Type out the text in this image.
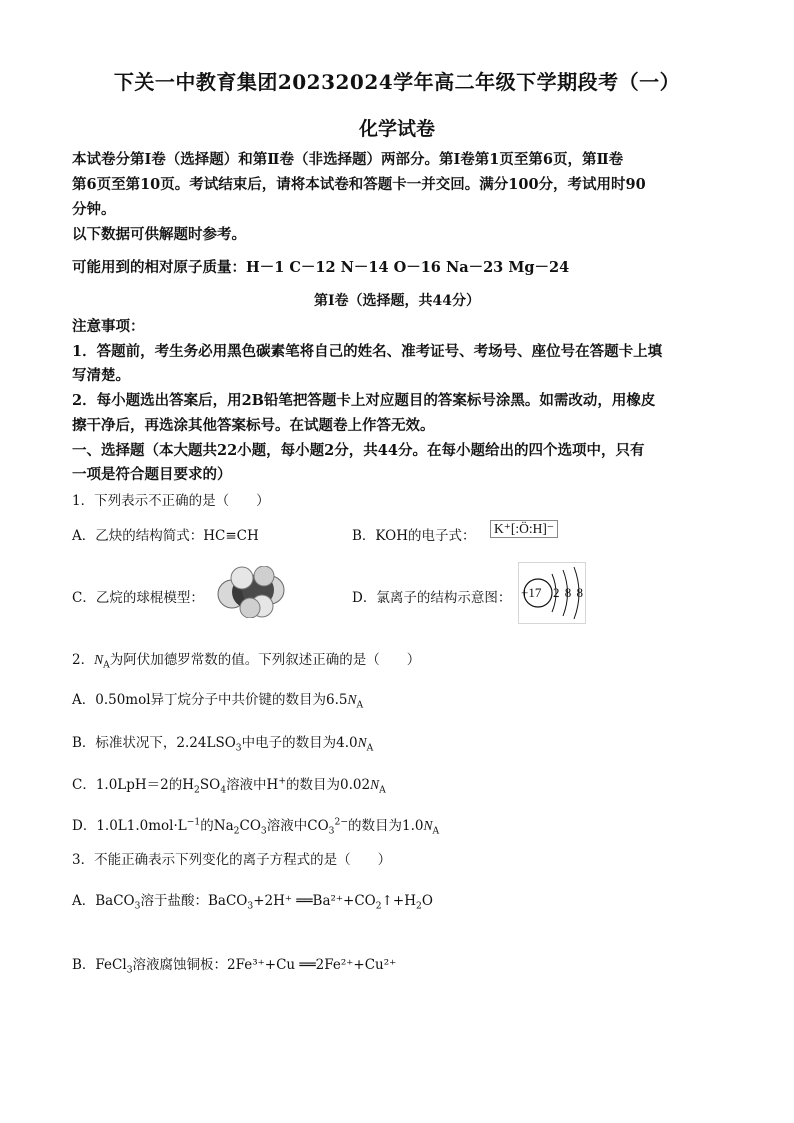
下关一中教育集团20232024学年高二年级下学期段考（一）
化学试卷
本试卷分第Ⅰ卷（选择题）和第Ⅱ卷（非选择题）两部分。第Ⅰ卷第1页至第6页，第Ⅱ卷
第6页至第10页。考试结束后，请将本试卷和答题卡一并交回。满分100分，考试用时90
分钟。
以下数据可供解题时参考。
可能用到的相对原子质量：H－1 C－12 N－14 O－16 Na－23 Mg－24
第Ⅰ卷（选择题，共44分）
注意事项：
1．答题前，考生务必用黑色碳素笔将自己的姓名、准考证号、考场号、座位号在答题卡上填
写清楚。
2．每小题选出答案后，用2B铅笔把答题卡上对应题目的答案标号涂黑。如需改动，用橡皮
擦干净后，再选涂其他答案标号。在试题卷上作答无效。
一、选择题（本大题共22小题，每小题2分，共44分。在每小题给出的四个选项中，只有
一项是符合题目要求的）
1．下列表示不正确的是（　　）
A．乙炔的结构简式：HC≡CH	B．KOH的电子式： K⁺[:Ö:H]⁻
C．乙烷的球棍模型：	D．氯离子的结构示意图： +17 2 8 8
2．$N_A$为阿伏加德罗常数的值。下列叙述正确的是（　　）
A．0.50mol异丁烷分子中共价键的数目为$6.5N_A$
B．标准状况下，$2.24LSO_3$中电子的数目为$4.0N_A$
C．1.0LpH＝2的$H_2SO_4$溶液中H+的数目为$0.02N_A$
D．$1.0L1.0mol\cdot L^{-1}$的$Na_2CO_3$溶液中$CO_3^{2-}$的数目为$1.0N_A$
3．不能正确表示下列变化的离子方程式的是（　　）
A．BaCO$_3$溶于盐酸：BaCO$_3$+2H⁺ $══Ba^{2+}+CO_2↑+H_2O$
B．FeCl$_3$溶液腐蚀铜板：2Fe³⁺+Cu ══2Fe²⁺+Cu²⁺
